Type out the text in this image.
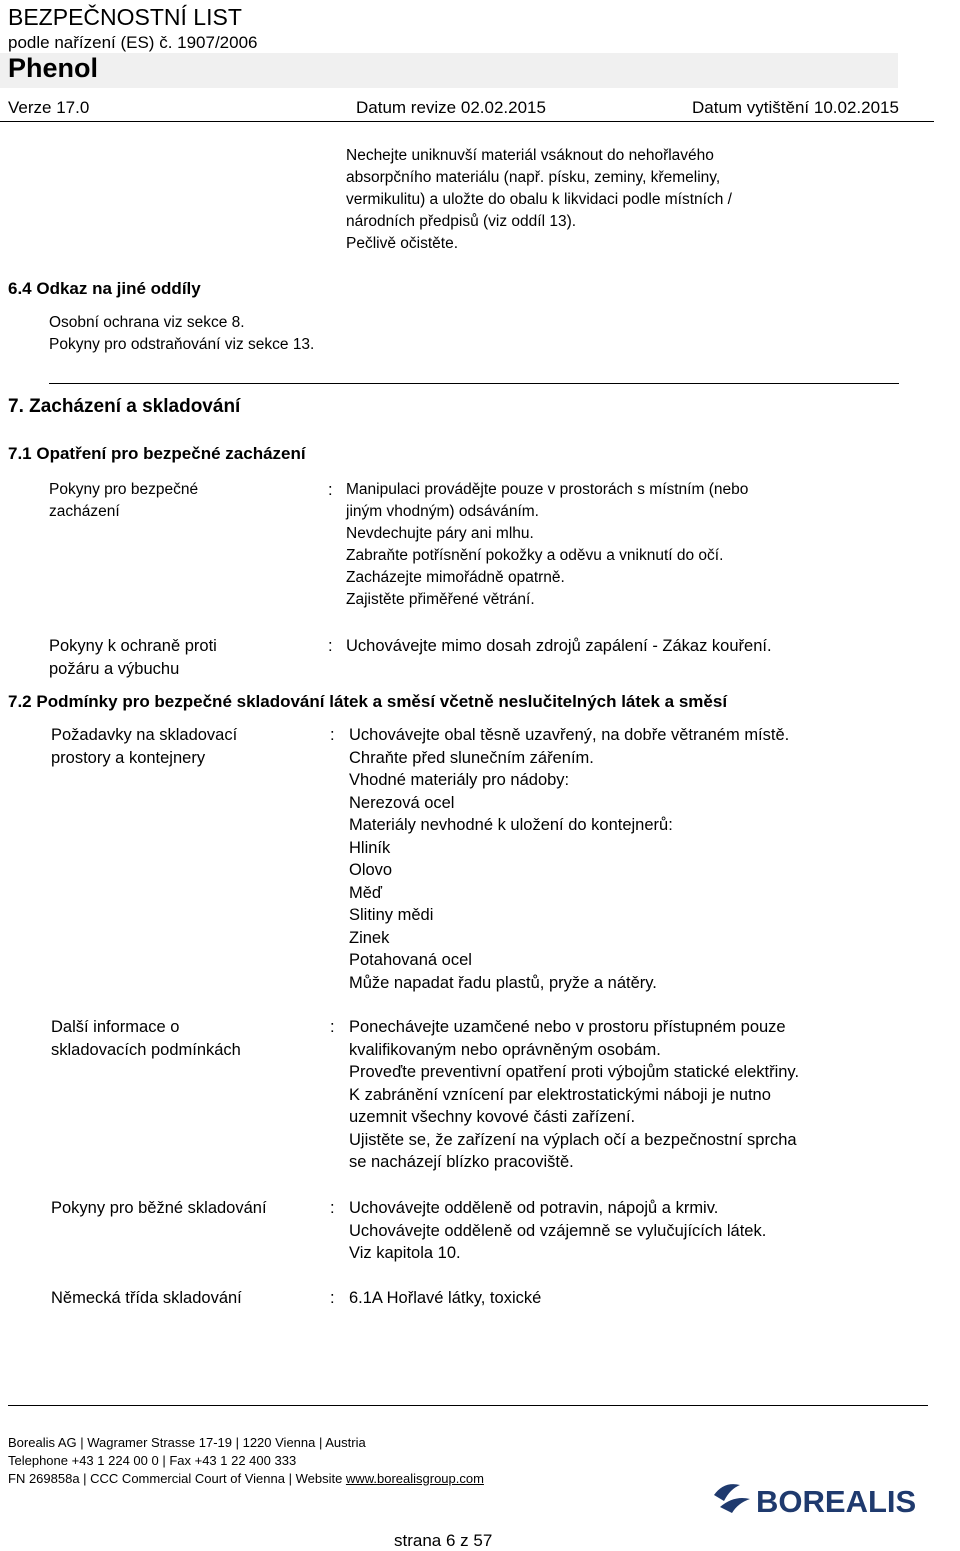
BEZPEČNOSTNÍ LIST
podle nařízení (ES) č. 1907/2006
Phenol
Verze 17.0	Datum revize 02.02.2015	Datum vytištění 10.02.2015
Nechejte uniknuvší materiál vsáknout do nehořlavého
absorpčního materiálu (např. písku, zeminy, křemeliny,
vermikulitu) a uložte do obalu k likvidaci podle místních /
národních předpisů (viz oddíl 13).
Pečlivě očistěte.
6.4 Odkaz na jiné oddíly
Osobní ochrana viz sekce 8.
Pokyny pro odstraňování viz sekce 13.
7. Zacházení a skladování
7.1 Opatření pro bezpečné zacházení
Pokyny pro bezpečné
zacházení
: Manipulaci provádějte pouze v prostorách s místním (nebo
jiným vhodným) odsáváním.
Nevdechujte páry ani mlhu.
Zabraňte potřísnění pokožky a oděvu a vniknutí do očí.
Zacházejte mimořádně opatrně.
Zajistěte přiměřené větrání.
Pokyny k ochraně proti
požáru a výbuchu
: Uchovávejte mimo dosah zdrojů zapálení - Zákaz kouření.
7.2 Podmínky pro bezpečné skladování látek a směsí včetně neslučitelných látek a směsí
Požadavky na skladovací
prostory a kontejnery
: Uchovávejte obal těsně uzavřený, na dobře větraném místě.
Chraňte před slunečním zářením.
Vhodné materiály pro nádoby:
Nerezová ocel
Materiály nevhodné k uložení do kontejnerů:
Hliník
Olovo
Měď
Slitiny mědi
Zinek
Potahovaná ocel
Může napadat řadu plastů, pryže a nátěry.
Další informace o
skladovacích podmínkách
: Ponechávejte uzamčené nebo v prostoru přístupném pouze
kvalifikovaným nebo oprávněným osobám.
Proveďte preventivní opatření proti výbojům statické elektřiny.
K zabránění vznícení par elektrostatickými náboji je nutno
uzemnit všechny kovové části zařízení.
Ujistěte se, že zařízení na výplach očí a bezpečnostní sprcha
se nacházejí blízko pracoviště.
Pokyny pro běžné skladování	: Uchovávejte odděleně od potravin, nápojů a krmiv.
Uchovávejte odděleně od vzájemně se vylučujících látek.
Viz kapitola 10.
Německá třída skladování	: 6.1A Hořlavé látky, toxické
Borealis AG | Wagramer Strasse 17-19 | 1220 Vienna | Austria
Telephone +43 1 224 00 0 | Fax +43 1 22 400 333
FN 269858a | CCC Commercial Court of Vienna | Website www.borealisgroup.com
BOREALIS
strana 6 z 57
